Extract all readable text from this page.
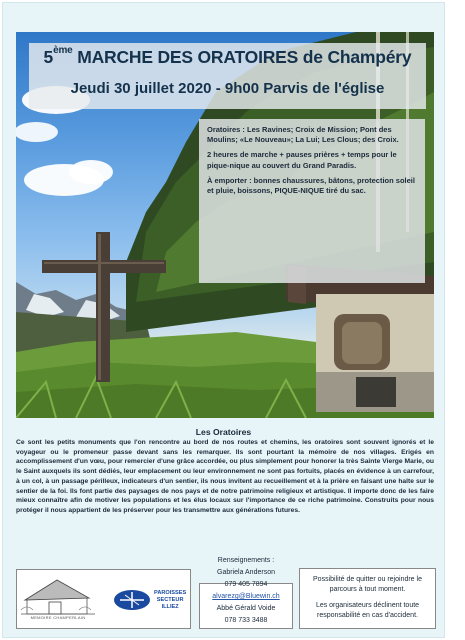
5ème MARCHE DES ORATOIRES de Champéry
Jeudi 30 juillet 2020 - 9h00 Parvis de l'église

Oratoires : Les Ravines; Croix de Mission; Pont des Moulins; «Le Nouveau»; La Lui; Les Clous; des Croix.

2 heures de marche + pauses prières + temps pour le pique-nique au couvert du Grand Paradis.

À emporter : bonnes chaussures, bâtons, protection soleil et pluie, boissons, PIQUE-NIQUE tiré du sac.

Les Oratoires
Ce sont les petits monuments que l'on rencontre au bord de nos routes et chemins, les oratoires sont souvent ignorés et le voyageur ou le promeneur passe devant sans les remarquer. Ils sont pourtant la mémoire de nos villages. Erigés en accomplissement d'un vœu, pour remercier d'une grâce accordée, ou plus simplement pour honorer la très Sainte Vierge Marie, ou le Saint auxquels ils sont dédiés, leur emplacement ou leur environnement ne sont pas fortuits, placés en évidence à un carrefour, à un col, à un passage périlleux, indicateurs d'un sentier, ils nous invitent au recueillement et à la prière en faisant une halte sur le sentier de la foi. Ils font partie des paysages de nos pays et de notre patrimoine religieux et artistique. Il importe donc de les faire mieux connaître afin de motiver les populations et les élus locaux sur l'importance de ce riche patrimoine. Construits pour nous protéger il nous appartient de les préserver pour les transmettre aux générations futures.
PAROISSES
SECTEUR
ILLIEZ
MEMOIRE CHAMPERLAIN
Renseignements :
Gabriela Anderson
079 405 7894
alvarezg@Bluewin.ch
Abbé Gérald Voide
078 733 3488

Possibilité de quitter ou rejoindre le parcours à tout moment.

Les organisateurs déclinent toute responsabilité en cas d'accident.
